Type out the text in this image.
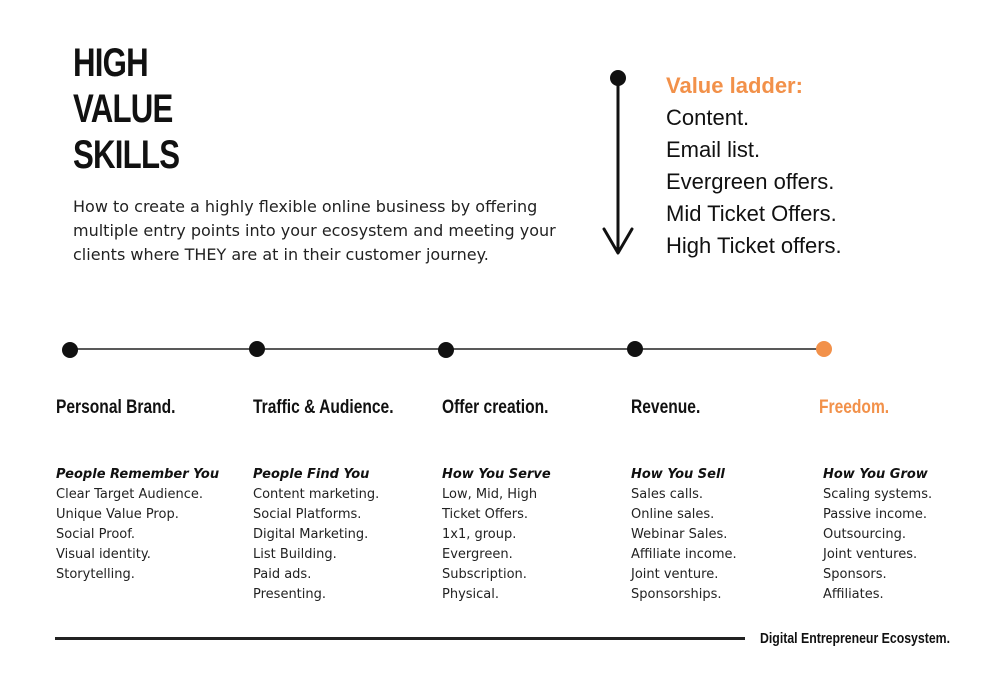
HIGH
VALUE
SKILLS

How to create a highly flexible online business by offering multiple entry points into your ecosystem and meeting your clients where THEY are at in their customer journey.

Value ladder:
Content.
Email list.
Evergreen offers.
Mid Ticket Offers.
High Ticket offers.
Personal Brand.
People Remember You
Clear Target Audience.
Unique Value Prop.
Social Proof.
Visual identity.
Storytelling.
Traffic & Audience.
People Find You
Content marketing.
Social Platforms.
Digital Marketing.
List Building.
Paid ads.
Presenting.
Offer creation.
How You Serve
Low, Mid, High
Ticket Offers.
1x1, group.
Evergreen.
Subscription.
Physical.
Revenue.
How You Sell
Sales calls.
Online sales.
Webinar Sales.
Affiliate income.
Joint venture.
Sponsorships.
Freedom.
How You Grow
Scaling systems.
Passive income.
Outsourcing.
Joint ventures.
Sponsors.
Affiliates.
Digital Entrepreneur Ecosystem.
